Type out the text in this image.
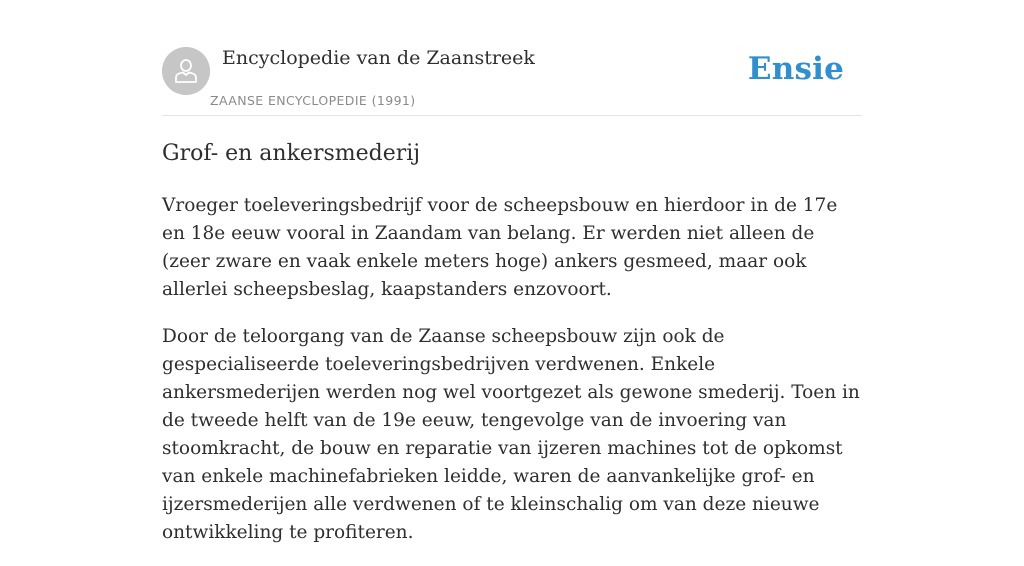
Encyclopedie van de Zaanstreek
ZAANSE ENCYCLOPEDIE (1991)
Ensie
Grof- en ankersmederij

Vroeger toeleveringsbedrijf voor de scheepsbouw en hierdoor in de 17e en 18e eeuw vooral in Zaandam van belang. Er werden niet alleen de (zeer zware en vaak enkele meters hoge) ankers gesmeed, maar ook allerlei scheepsbeslag, kaapstanders enzovoort.

Door de teloorgang van de Zaanse scheepsbouw zijn ook de gespecialiseerde toeleveringsbedrijven verdwenen. Enkele ankersmederijen werden nog wel voortgezet als gewone smederij. Toen in de tweede helft van de 19e eeuw, tengevolge van de invoering van stoomkracht, de bouw en reparatie van ijzeren machines tot de opkomst van enkele machinefabrieken leidde, waren de aanvankelijke grof- en ijzersmederijen alle verdwenen of te kleinschalig om van deze nieuwe ontwikkeling te profiteren.
